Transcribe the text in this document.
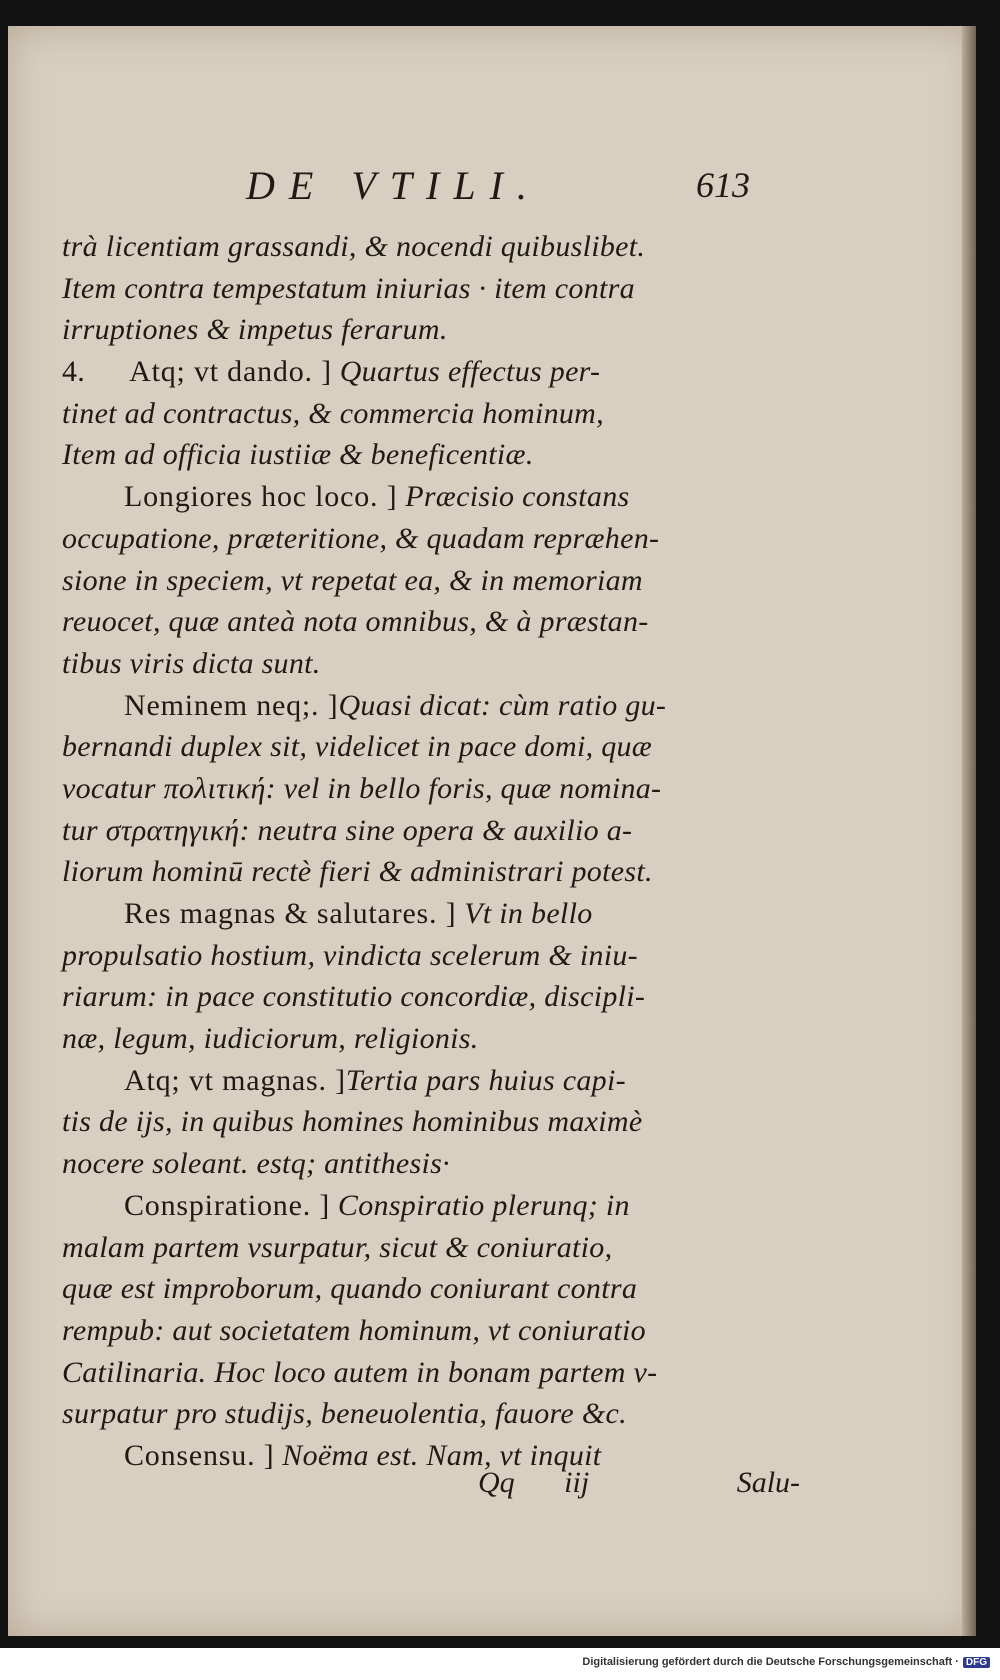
DE VTILI.	613
trà licentiam grassandi, & nocendi quibuslibet.
Item contra tempestatum iniurias · item contra
irruptiones & impetus ferarum.
4. Atq; vt dando. ] Quartus effectus per-
tinet ad contractus, & commercia hominum,
Item ad officia iustiiæ & beneficentiæ.
Longiores hoc loco. ] Præcisio constans
occupatione, præteritione, & quadam repræhen-
sione in speciem, vt repetat ea, & in memoriam
reuocet, quæ anteà nota omnibus, & à præstan-
tibus viris dicta sunt.
Neminem neq;. ]Quasi dicat: cùm ratio gu-
bernandi duplex sit, videlicet in pace domi, quæ
vocatur πολιτική: vel in bello foris, quæ nomina-
tur στρατηγική: neutra sine opera & auxilio a-
liorum hominū rectè fieri & administrari potest.
Res magnas & salutares. ] Vt in bello
propulsatio hostium, vindicta scelerum & iniu-
riarum: in pace constitutio concordiæ, discipli-
næ, legum, iudiciorum, religionis.
Atq; vt magnas. ]Tertia pars huius capi-
tis de ijs, in quibus homines hominibus maximè
nocere soleant. estq; antithesis·
Conspiratione. ] Conspiratio plerunq; in
malam partem vsurpatur, sicut & coniuratio,
quæ est improborum, quando coniurant contra
rempub: aut societatem hominum, vt coniuratio
Catilinaria. Hoc loco autem in bonam partem v-
surpatur pro studijs, beneuolentia, fauore &c.
Consensu. ] Noëma est. Nam, vt inquit
Qq iij	Salu-
Digitalisierung gefördert durch die Deutsche Forschungsgemeinschaft · DFG
